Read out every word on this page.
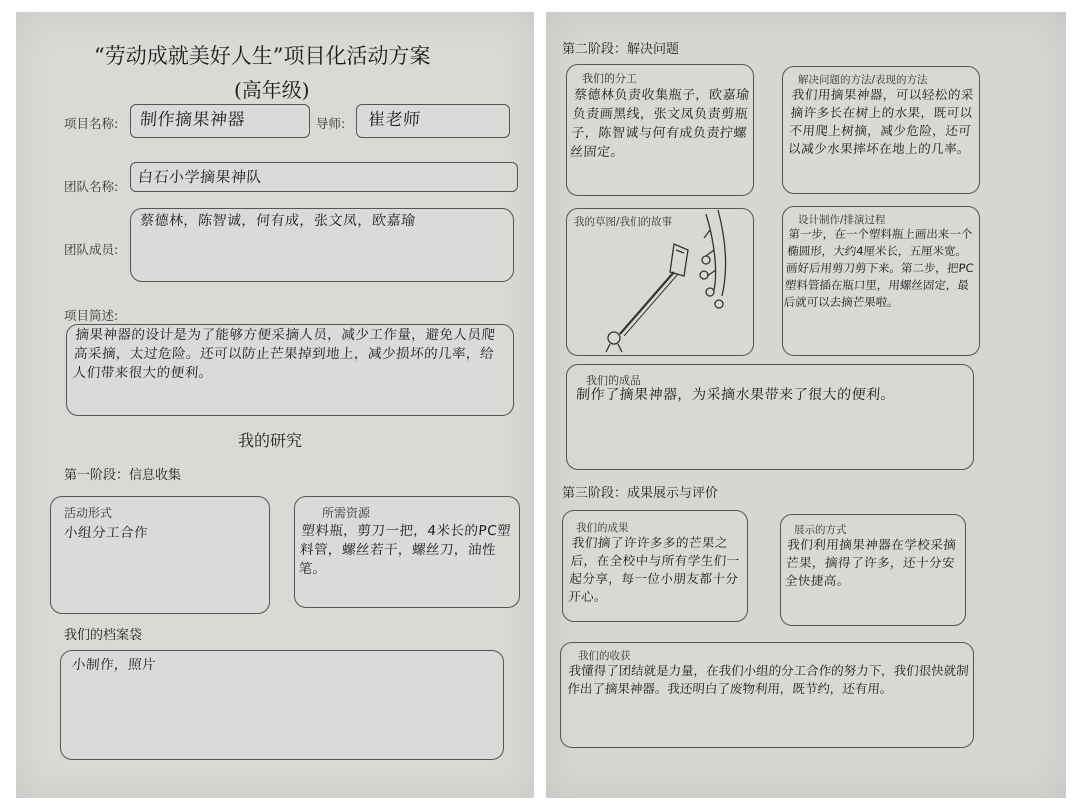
“劳动成就美好人生”项目化活动方案
(高年级)
项目名称: 制作摘果神器	导师: 崔老师
团队名称:
白石小学摘果神队
团队成员:
蔡德林，陈智诚，何有成，张文凤，欧嘉瑜
项目简述:
摘果神器的设计是为了能够方便采摘人员，减少工作量，避免人员爬高采摘，太过危险。还可以防止芒果掉到地上，减少损坏的几率，给人们带来很大的便利。
我的研究
第一阶段：信息收集
活动形式
小组分工合作
所需资源
塑料瓶，剪刀一把，4米长的PC塑料管，螺丝若干，螺丝刀，油性笔。
我们的档案袋
小制作，照片
第二阶段：解决问题
我们的分工
蔡德林负责收集瓶子，欧嘉瑜负责画黑线，张文凤负责剪瓶子，陈智诚与何有成负责拧螺丝固定。
解决问题的方法/表现的方法
我们用摘果神器，可以轻松的采摘许多长在树上的水果，既可以不用爬上树摘，减少危险，还可以减少水果摔坏在地上的几率。
我的草图/我们的故事	设计制作/排演过程
第一步，在一个塑料瓶上画出来一个椭圆形，大约4厘米长，五厘米宽。画好后用剪刀剪下来。第二步，把PC塑料管插在瓶口里，用螺丝固定，最后就可以去摘芒果啦。
我们的成品
制作了摘果神器，为采摘水果带来了很大的便利。
第三阶段：成果展示与评价
我们的成果
我们摘了许许多多的芒果之后，在全校中与所有学生们一起分享，每一位小朋友都十分开心。
展示的方式
我们利用摘果神器在学校采摘芒果，摘得了许多，还十分安全快捷高。
我们的收获
我懂得了团结就是力量，在我们小组的分工合作的努力下，我们很快就制作出了摘果神器。我还明白了废物利用，既节约，还有用。
